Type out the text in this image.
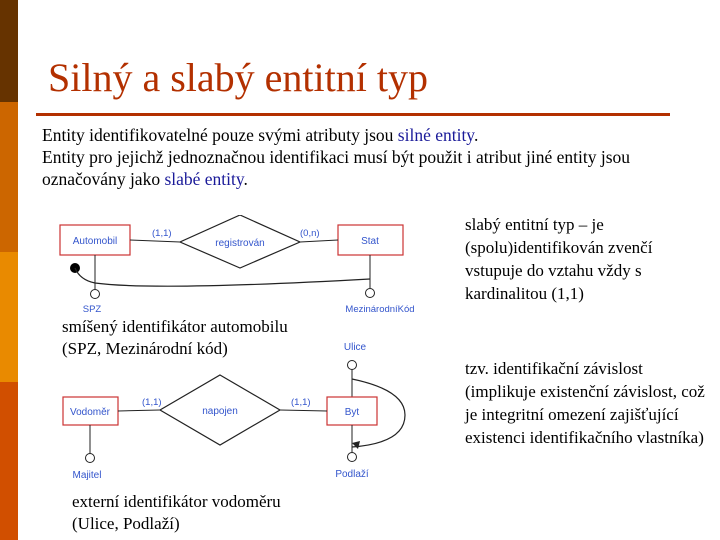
Silný a slabý entitní typ

Entity identifikovatelné pouze svými atributy jsou silné entity.

Entity pro jejichž jednoznačnou identifikaci musí být použit i atribut jiné entity jsou označovány jako slabé entity.

Automobil	registrován	Stat
(1,1)	(0,n)
SPZ	MezinárodníKód
smíšený identifikátor automobilu
(SPZ, Mezinárodní kód)	Ulice
Vodoměr	napojen	Byt
(1,1)	(1,1)
Podlaží
Majitel
externí identifikátor vodoměru
(Ulice, Podlaží)
slabý entitní typ – je (spolu)identifikován zvenčí vstupuje do vztahu vždy s kardinalitou (1,1)
tzv. identifikační závislost (implikuje existenční závislost, což je integritní omezení zajišťující existenci identifikačního vlastníka)
